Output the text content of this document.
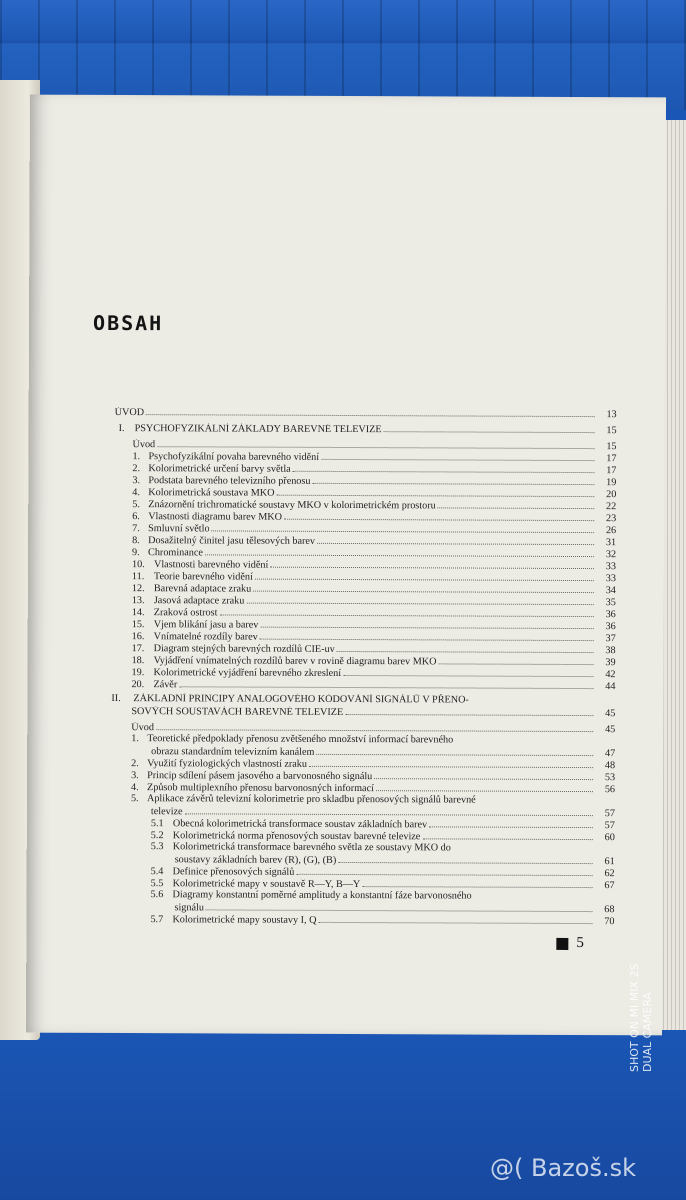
OBSAH
ÚVOD	13
I. PSYCHOFYZIKÁLNÍ ZÁKLADY BAREVNÉ TELEVIZE	15
Úvod	15
1. Psychofyzikální povaha barevného vidění	17
2. Kolorimetrické určení barvy světla	17
3. Podstata barevného televizního přenosu	19
4. Kolorimetrická soustava MKO	20
5. Znázornění trichromatické soustavy MKO v kolorimetrickém prostoru	22
6. Vlastnosti diagramu barev MKO	23
7. Smluvní světlo	26
8. Dosažitelný činitel jasu tělesových barev	31
9. Chrominance	32
10. Vlastnosti barevného vidění	33
11. Teorie barevného vidění	33
12. Barevná adaptace zraku	34
13. Jasová adaptace zraku	35
14. Zraková ostrost	36
15. Vjem blikání jasu a barev	36
16. Vnímatelné rozdíly barev	37
17. Diagram stejných barevných rozdílů CIE-uv	38
18. Vyjádření vnímatelných rozdílů barev v rovině diagramu barev MKO	39
19. Kolorimetrické vyjádření barevného zkreslení	42
20. Závěr	44
II.	ZÁKLADNÍ PRINCIPY ANALOGOVÉHO KÓDOVÁNÍ SIGNÁLŮ V PŘENO-
SOVÝCH SOUSTAVÁCH BAREVNÉ TELEVIZE	45
Úvod	45
1. Teoretické předpoklady přenosu zvětšeného množství informací barevného
obrazu standardním televizním kanálem	47
2. Využití fyziologických vlastností zraku	48
3. Princip sdílení pásem jasového a barvonosného signálu	53
4. Způsob multiplexního přenosu barvonosných informací	56
5. Aplikace závěrů televizní kolorimetrie pro skladbu přenosových signálů barevné
televize	57
5.1 Obecná kolorimetrická transformace soustav základních barev	57
5.2 Kolorimetrická norma přenosových soustav barevné televize	60
5.3 Kolorimetrická transformace barevného světla ze soustavy MKO do
soustavy základních barev (R), (G), (B)	61
5.4 Definice přenosových signálů	62
5.5 Kolorimetrické mapy v soustavě R—Y, B—Y	67
5.6 Diagramy konstantní poměrné amplitudy a konstantní fáze barvonosného
signálu	68
5.7 Kolorimetrické mapy soustavy I, Q	70
5
SHOT ON MI MIX 2S
DUAL CAMERA
@( Bazoš.sk
